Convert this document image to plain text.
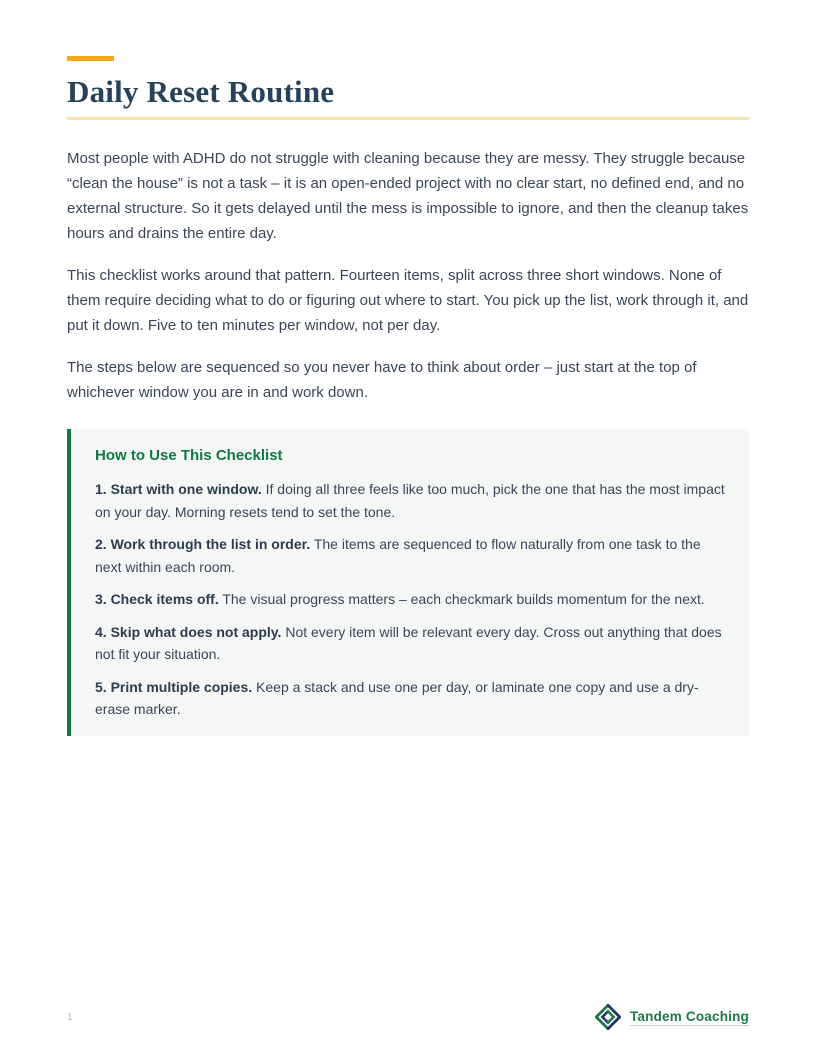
Daily Reset Routine

Most people with ADHD do not struggle with cleaning because they are messy. They struggle because “clean the house” is not a task – it is an open-ended project with no clear start, no defined end, and no external structure. So it gets delayed until the mess is impossible to ignore, and then the cleanup takes hours and drains the entire day.

This checklist works around that pattern. Fourteen items, split across three short windows. None of them require deciding what to do or figuring out where to start. You pick up the list, work through it, and put it down. Five to ten minutes per window, not per day.

The steps below are sequenced so you never have to think about order – just start at the top of whichever window you are in and work down.

How to Use This Checklist

1. Start with one window. If doing all three feels like too much, pick the one that has the most impact on your day. Morning resets tend to set the tone.

2. Work through the list in order. The items are sequenced to flow naturally from one task to the next within each room.

3. Check items off. The visual progress matters – each checkmark builds momentum for the next.

4. Skip what does not apply. Not every item will be relevant every day. Cross out anything that does not fit your situation.

5. Print multiple copies. Keep a stack and use one per day, or laminate one copy and use a dry-erase marker.

1	Tandem Coaching
